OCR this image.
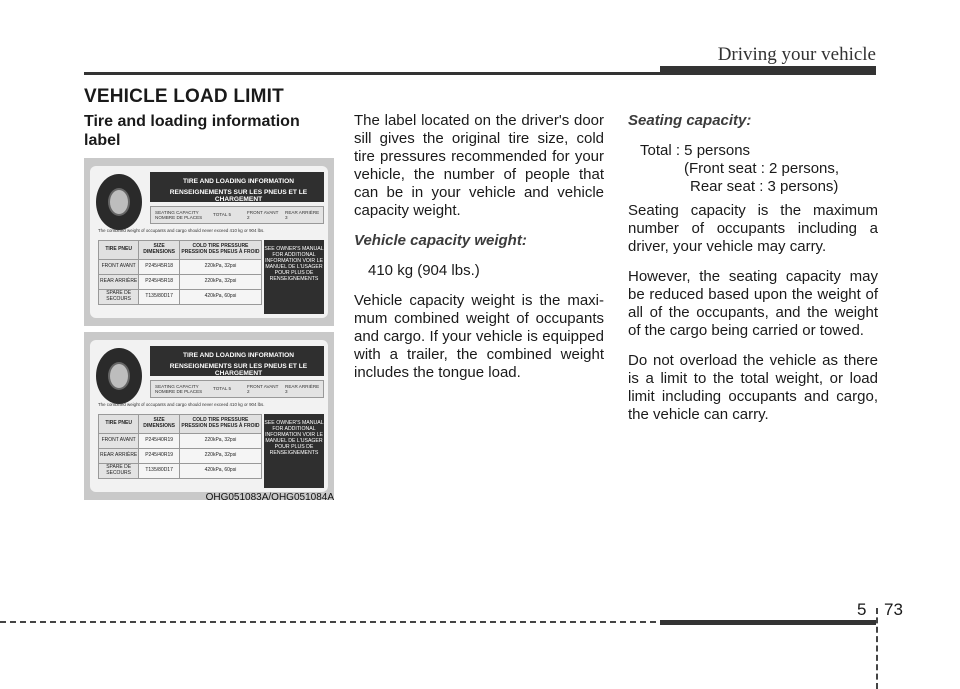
Driving your vehicle
VEHICLE LOAD LIMIT
Tire and loading information label
TIRE AND LOADING INFORMATION
RENSEIGNEMENTS SUR LES PNEUS ET LE CHARGEMENT
SEATING CAPACITY NOMBRE DE PLACES
TOTAL 5	FRONT AVANT 2
REAR ARRIÈRE 3
The combined weight of occupants and cargo should never exceed 410 kg or 904 lbs.
TIRE PNEU	SIZE DIMENSIONS	COLD TIRE PRESSURE PRESSION DES PNEUS À FROID
FRONT AVANT	P245/45R18	220kPa, 32psi
REAR ARRIÈRE	P245/45R18	220kPa, 32psi
SPARE DE SECOURS	T135/80D17	420kPa, 60psi
SEE OWNER'S MANUAL FOR ADDITIONAL INFORMATION VOIR LE MANUEL DE L'USAGER POUR PLUS DE RENSEIGNEMENTS
TIRE AND LOADING INFORMATION
RENSEIGNEMENTS SUR LES PNEUS ET LE CHARGEMENT
SEATING CAPACITY NOMBRE DE PLACES
TOTAL 5	FRONT AVANT 2
REAR ARRIÈRE 3
The combined weight of occupants and cargo should never exceed 410 kg or 904 lbs.
TIRE PNEU	SIZE DIMENSIONS	COLD TIRE PRESSURE PRESSION DES PNEUS À FROID
FRONT AVANT	P245/40R19	220kPa, 32psi
REAR ARRIÈRE	P245/40R19	220kPa, 32psi
SPARE DE SECOURS	T135/80D17	420kPa, 60psi
SEE OWNER'S MANUAL FOR ADDITIONAL INFORMATION VOIR LE MANUEL DE L'USAGER POUR PLUS DE RENSEIGNEMENTS
OHG051083A/OHG051084A

The label located on the driver's door sill gives the original tire size, cold tire pressures recommended for your vehicle, the number of people that can be in your vehicle and vehicle capacity weight.

Vehicle capacity weight:

410 kg (904 lbs.)

Vehicle capacity weight is the maxi-mum combined weight of occupants and cargo. If your vehicle is equipped with a trailer, the combined weight includes the tongue load.

Seating capacity:
Total : 5 persons
(Front seat : 2 persons,
Rear seat : 3 persons)

Seating capacity is the maximum number of occupants including a driver, your vehicle may carry.

However, the seating capacity may be reduced based upon the weight of all of the occupants, and the weight of the cargo being carried or towed.

Do not overload the vehicle as there is a limit to the total weight, or load limit including occupants and cargo, the vehicle can carry.

5 73
